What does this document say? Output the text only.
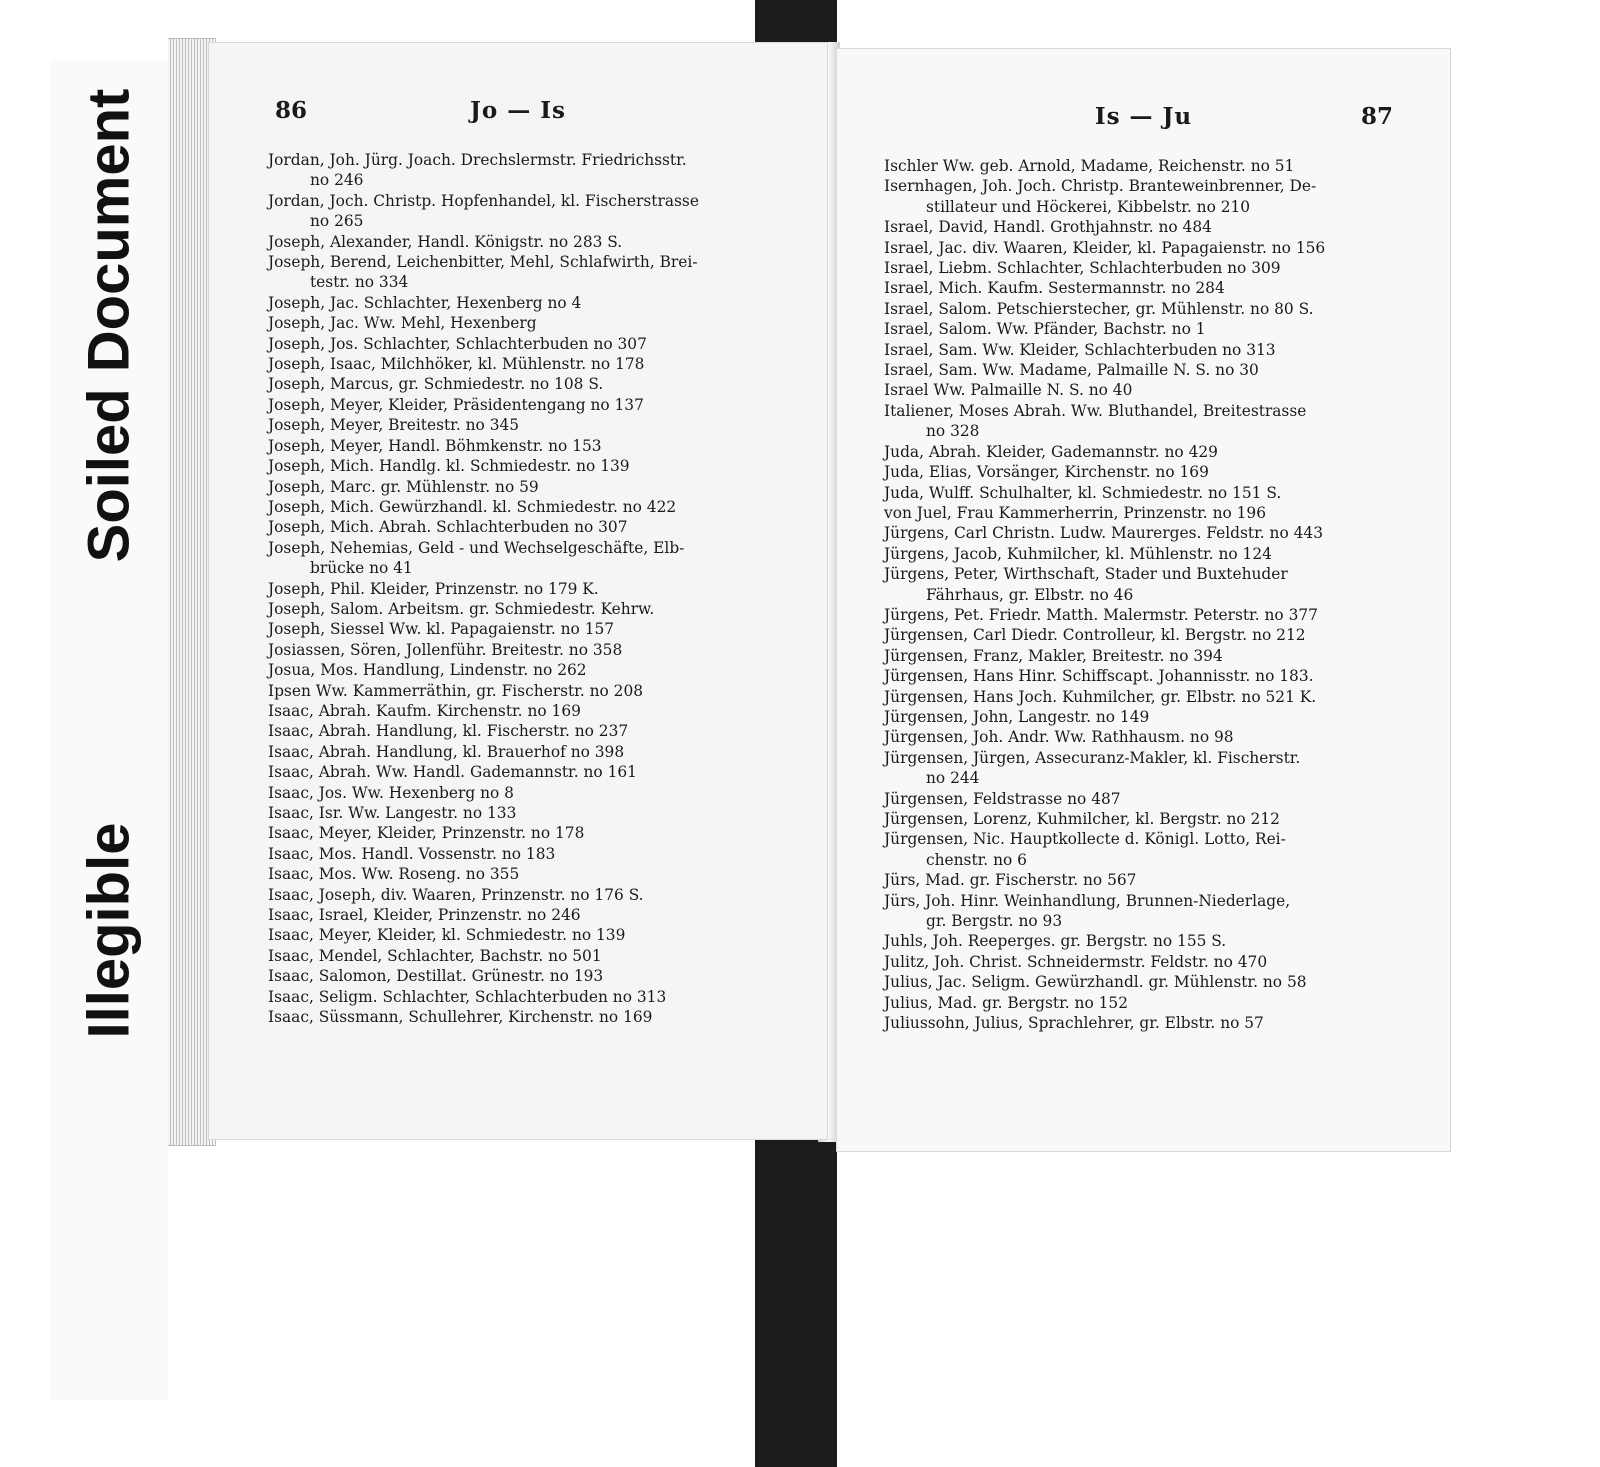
Soiled Document
Illegible
86	Jo — Is
Jordan, Joh. Jürg. Joach. Drechslermstr. Friedrichsstr.
no 246
Jordan, Joch. Christp. Hopfenhandel, kl. Fischerstrasse
no 265
Joseph, Alexander, Handl. Königstr. no 283 S.
Joseph, Berend, Leichenbitter, Mehl, Schlafwirth, Brei-
testr. no 334
Joseph, Jac. Schlachter, Hexenberg no 4
Joseph, Jac. Ww. Mehl, Hexenberg
Joseph, Jos. Schlachter, Schlachterbuden no 307
Joseph, Isaac, Milchhöker, kl. Mühlenstr. no 178
Joseph, Marcus, gr. Schmiedestr. no 108 S.
Joseph, Meyer, Kleider, Präsidentengang no 137
Joseph, Meyer, Breitestr. no 345
Joseph, Meyer, Handl. Böhmkenstr. no 153
Joseph, Mich. Handlg. kl. Schmiedestr. no 139
Joseph, Marc. gr. Mühlenstr. no 59
Joseph, Mich. Gewürzhandl. kl. Schmiedestr. no 422
Joseph, Mich. Abrah. Schlachterbuden no 307
Joseph, Nehemias, Geld - und Wechselgeschäfte, Elb-
brücke no 41
Joseph, Phil. Kleider, Prinzenstr. no 179 K.
Joseph, Salom. Arbeitsm. gr. Schmiedestr. Kehrw.
Joseph, Siessel Ww. kl. Papagaienstr. no 157
Josiassen, Sören, Jollenführ. Breitestr. no 358
Josua, Mos. Handlung, Lindenstr. no 262
Ipsen Ww. Kammerräthin, gr. Fischerstr. no 208
Isaac, Abrah. Kaufm. Kirchenstr. no 169
Isaac, Abrah. Handlung, kl. Fischerstr. no 237
Isaac, Abrah. Handlung, kl. Brauerhof no 398
Isaac, Abrah. Ww. Handl. Gademannstr. no 161
Isaac, Jos. Ww. Hexenberg no 8
Isaac, Isr. Ww. Langestr. no 133
Isaac, Meyer, Kleider, Prinzenstr. no 178
Isaac, Mos. Handl. Vossenstr. no 183
Isaac, Mos. Ww. Roseng. no 355
Isaac, Joseph, div. Waaren, Prinzenstr. no 176 S.
Isaac, Israel, Kleider, Prinzenstr. no 246
Isaac, Meyer, Kleider, kl. Schmiedestr. no 139
Isaac, Mendel, Schlachter, Bachstr. no 501
Isaac, Salomon, Destillat. Grünestr. no 193
Isaac, Seligm. Schlachter, Schlachterbuden no 313
Isaac, Süssmann, Schullehrer, Kirchenstr. no 169
Is — Ju	87
Ischler Ww. geb. Arnold, Madame, Reichenstr. no 51
Isernhagen, Joh. Joch. Christp. Branteweinbrenner, De-
stillateur und Höckerei, Kibbelstr. no 210
Israel, David, Handl. Grothjahnstr. no 484
Israel, Jac. div. Waaren, Kleider, kl. Papagaienstr. no 156
Israel, Liebm. Schlachter, Schlachterbuden no 309
Israel, Mich. Kaufm. Sestermannstr. no 284
Israel, Salom. Petschierstecher, gr. Mühlenstr. no 80 S.
Israel, Salom. Ww. Pfänder, Bachstr. no 1
Israel, Sam. Ww. Kleider, Schlachterbuden no 313
Israel, Sam. Ww. Madame, Palmaille N. S. no 30
Israel Ww. Palmaille N. S. no 40
Italiener, Moses Abrah. Ww. Bluthandel, Breitestrasse
no 328
Juda, Abrah. Kleider, Gademannstr. no 429
Juda, Elias, Vorsänger, Kirchenstr. no 169
Juda, Wulff. Schulhalter, kl. Schmiedestr. no 151 S.
von Juel, Frau Kammerherrin, Prinzenstr. no 196
Jürgens, Carl Christn. Ludw. Maurerges. Feldstr. no 443
Jürgens, Jacob, Kuhmilcher, kl. Mühlenstr. no 124
Jürgens, Peter, Wirthschaft, Stader und Buxtehuder
Fährhaus, gr. Elbstr. no 46
Jürgens, Pet. Friedr. Matth. Malermstr. Peterstr. no 377
Jürgensen, Carl Diedr. Controlleur, kl. Bergstr. no 212
Jürgensen, Franz, Makler, Breitestr. no 394
Jürgensen, Hans Hinr. Schiffscapt. Johannisstr. no 183.
Jürgensen, Hans Joch. Kuhmilcher, gr. Elbstr. no 521 K.
Jürgensen, John, Langestr. no 149
Jürgensen, Joh. Andr. Ww. Rathhausm. no 98
Jürgensen, Jürgen, Assecuranz-Makler, kl. Fischerstr.
no 244
Jürgensen, Feldstrasse no 487
Jürgensen, Lorenz, Kuhmilcher, kl. Bergstr. no 212
Jürgensen, Nic. Hauptkollecte d. Königl. Lotto, Rei-
chenstr. no 6
Jürs, Mad. gr. Fischerstr. no 567
Jürs, Joh. Hinr. Weinhandlung, Brunnen-Niederlage,
gr. Bergstr. no 93
Juhls, Joh. Reeperges. gr. Bergstr. no 155 S.
Julitz, Joh. Christ. Schneidermstr. Feldstr. no 470
Julius, Jac. Seligm. Gewürzhandl. gr. Mühlenstr. no 58
Julius, Mad. gr. Bergstr. no 152
Juliussohn, Julius, Sprachlehrer, gr. Elbstr. no 57
